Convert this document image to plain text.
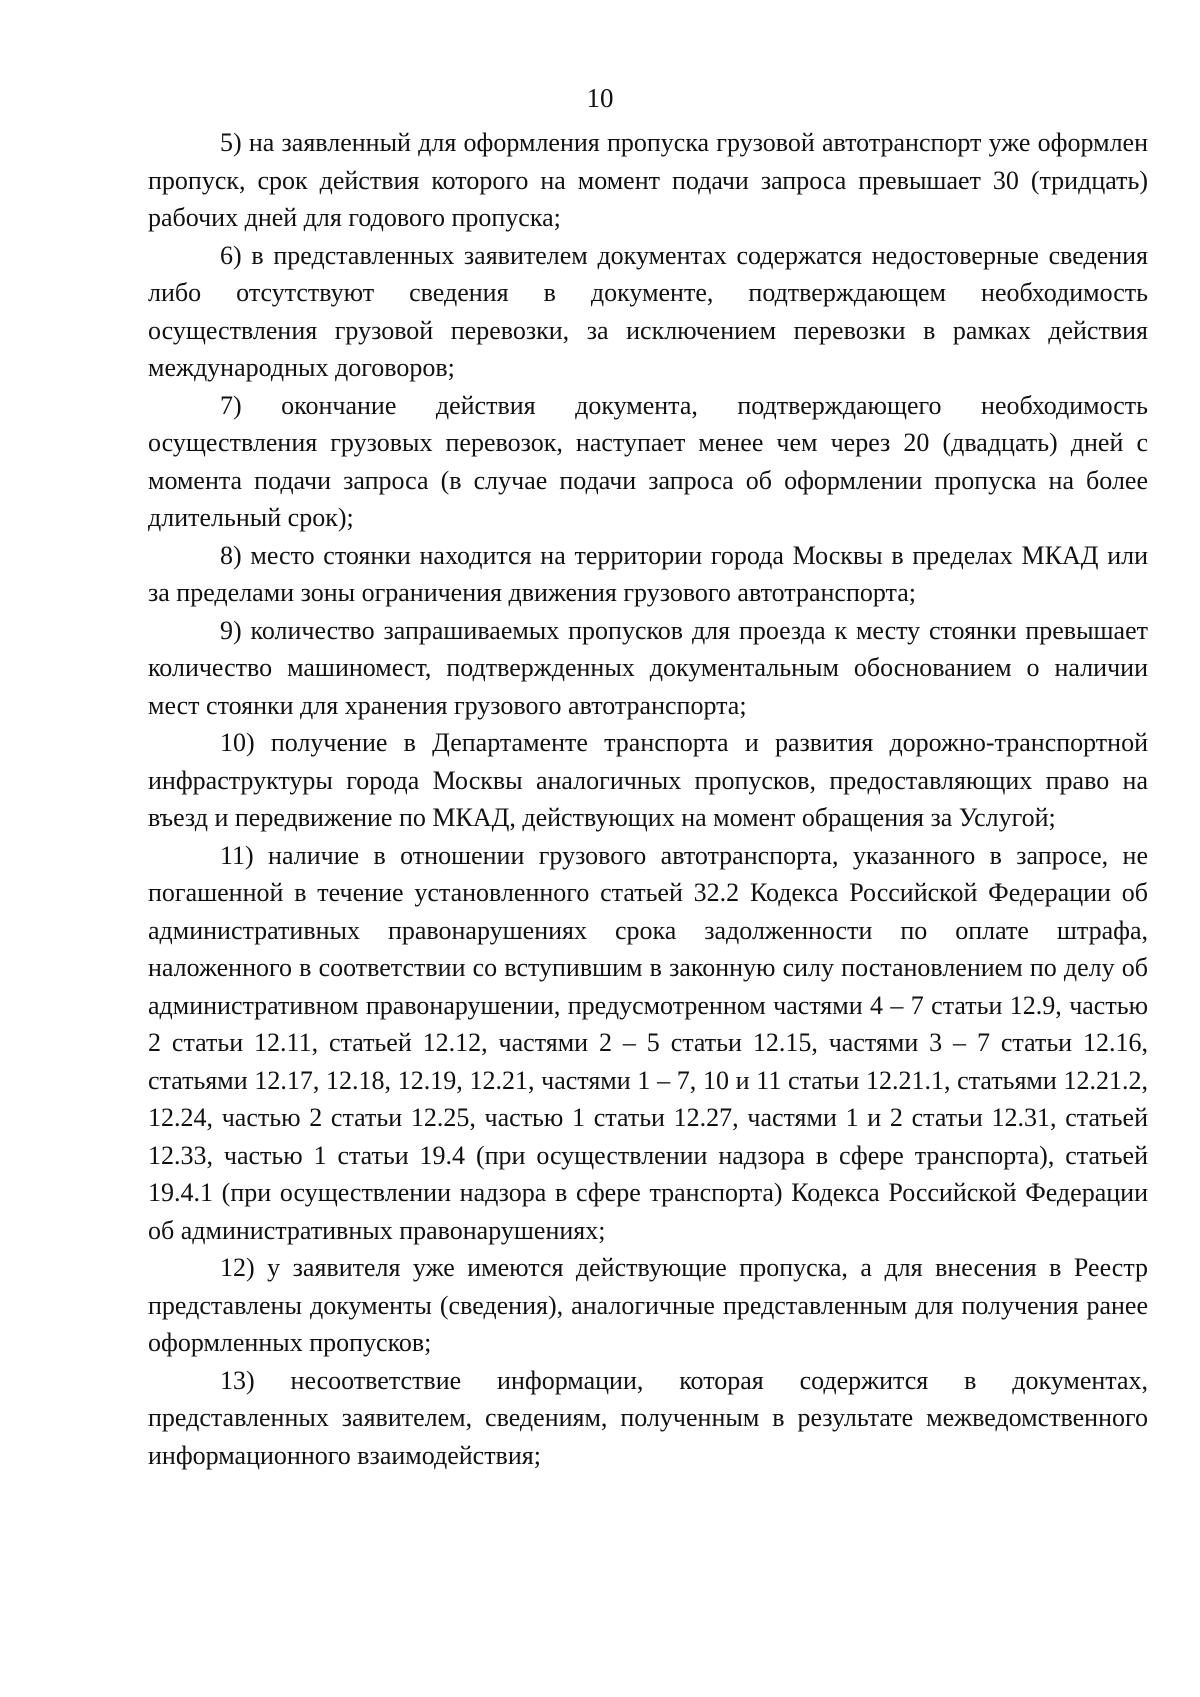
10

5) на заявленный для оформления пропуска грузовой автотранспорт уже оформлен пропуск, срок действия которого на момент подачи запроса превышает 30 (тридцать) рабочих дней для годового пропуска;

6) в представленных заявителем документах содержатся недостоверные сведения либо отсутствуют сведения в документе, подтверждающем необходимость осуществления грузовой перевозки, за исключением перевозки в рамках действия международных договоров;

7) окончание действия документа, подтверждающего необходимость осуществления грузовых перевозок, наступает менее чем через 20 (двадцать) дней с момента подачи запроса (в случае подачи запроса об оформлении пропуска на более длительный срок);

8) место стоянки находится на территории города Москвы в пределах МКАД или за пределами зоны ограничения движения грузового автотранспорта;

9) количество запрашиваемых пропусков для проезда к месту стоянки превышает количество машиномест, подтвержденных документальным обоснованием о наличии мест стоянки для хранения грузового автотранспорта;

10) получение в Департаменте транспорта и развития дорожно-транспортной инфраструктуры города Москвы аналогичных пропусков, предоставляющих право на въезд и передвижение по МКАД, действующих на момент обращения за Услугой;

11) наличие в отношении грузового автотранспорта, указанного в запросе, не погашенной в течение установленного статьей 32.2 Кодекса Российской Федерации об административных правонарушениях срока задолженности по оплате штрафа, наложенного в соответствии со вступившим в законную силу постановлением по делу об административном правонарушении, предусмотренном частями 4 – 7 статьи 12.9, частью 2 статьи 12.11, статьей 12.12, частями 2 – 5 статьи 12.15, частями 3 – 7 статьи 12.16, статьями 12.17, 12.18, 12.19, 12.21, частями 1 – 7, 10 и 11 статьи 12.21.1, статьями 12.21.2, 12.24, частью 2 статьи 12.25, частью 1 статьи 12.27, частями 1 и 2 статьи 12.31, статьей 12.33, частью 1 статьи 19.4 (при осуществлении надзора в сфере транспорта), статьей 19.4.1 (при осуществлении надзора в сфере транспорта) Кодекса Российской Федерации об административных правонарушениях;

12) у заявителя уже имеются действующие пропуска, а для внесения в Реестр представлены документы (сведения), аналогичные представленным для получения ранее оформленных пропусков;

13) несоответствие информации, которая содержится в документах, представленных заявителем, сведениям, полученным в результате межведомственного информационного взаимодействия;
